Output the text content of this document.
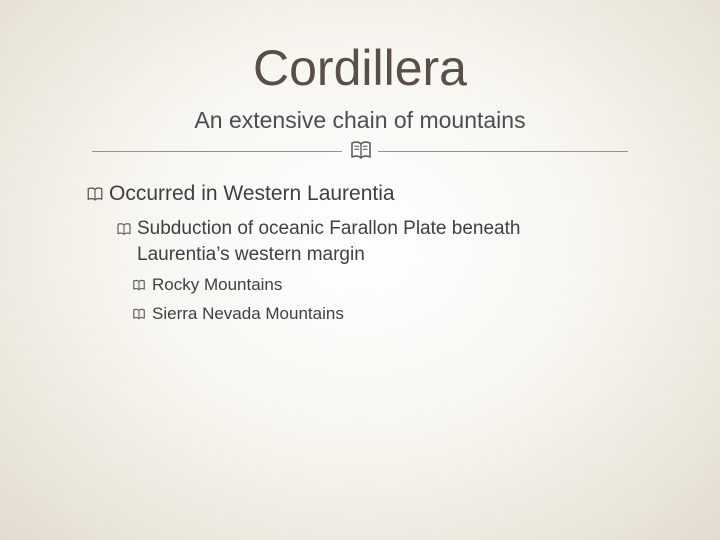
Cordillera
An extensive chain of mountains
Occurred in Western Laurentia
Subduction of oceanic Farallon Plate beneath Laurentia’s western margin
Rocky Mountains
Sierra Nevada Mountains
